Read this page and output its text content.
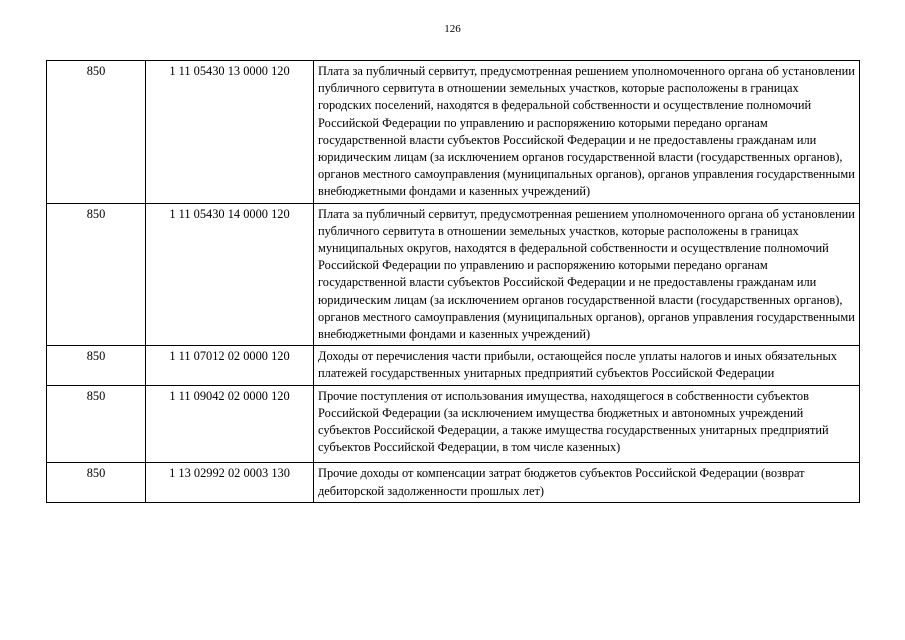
126
850	1 11 05430 13 0000 120	Плата за публичный сервитут, предусмотренная решением уполномоченного органа об установлении публичного сервитута в отношении земельных участков, которые расположены в границах городских поселений, находятся в федеральной собственности и осуществление полномочий Российской Федерации по управлению и распоряжению которыми передано органам государственной власти субъектов Российской Федерации и не предоставлены гражданам или юридическим лицам (за исключением органов государственной власти (государственных органов), органов местного самоуправления (муниципальных органов), органов управления государственными внебюджетными фондами и казенных учреждений)
850	1 11 05430 14 0000 120	Плата за публичный сервитут, предусмотренная решением уполномоченного органа об установлении публичного сервитута в отношении земельных участков, которые расположены в границах муниципальных округов, находятся в федеральной собственности и осуществление полномочий Российской Федерации по управлению и распоряжению которыми передано органам государственной власти субъектов Российской Федерации и не предоставлены гражданам или юридическим лицам (за исключением органов государственной власти (государственных органов), органов местного самоуправления (муниципальных органов), органов управления государственными внебюджетными фондами и казенных учреждений)
850	1 11 07012 02 0000 120	Доходы от перечисления части прибыли, остающейся после уплаты налогов и иных обязательных платежей государственных унитарных предприятий субъектов Российской Федерации
850	1 11 09042 02 0000 120	Прочие поступления от использования имущества, находящегося в собственности субъектов Российской Федерации (за исключением имущества бюджетных и автономных учреждений субъектов Российской Федерации, а также имущества государственных унитарных предприятий субъектов Российской Федерации, в том числе казенных)
850	1 13 02992 02 0003 130	Прочие доходы от компенсации затрат бюджетов субъектов Российской Федерации (возврат дебиторской задолженности прошлых лет)
